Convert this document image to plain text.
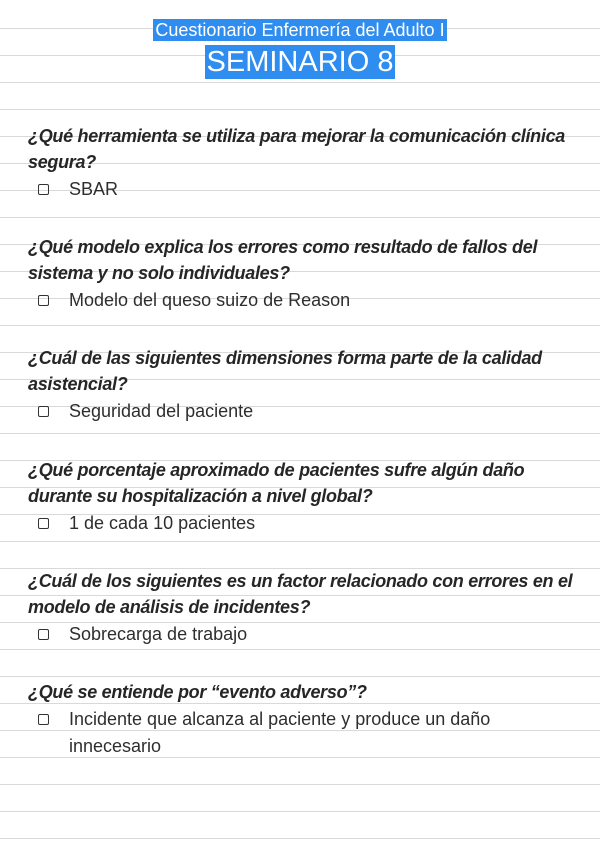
Cuestionario Enfermería del Adulto I
SEMINARIO 8
¿Qué herramienta se utiliza para mejorar la comunicación clínica segura?
SBAR
¿Qué modelo explica los errores como resultado de fallos del sistema y no solo individuales?
Modelo del queso suizo de Reason
¿Cuál de las siguientes dimensiones forma parte de la calidad asistencial?
Seguridad del paciente
¿Qué porcentaje aproximado de pacientes sufre algún daño durante su hospitalización a nivel global?
1 de cada 10 pacientes
¿Cuál de los siguientes es un factor relacionado con errores en el modelo de análisis de incidentes?
Sobrecarga de trabajo
¿Qué se entiende por “evento adverso”?
Incidente que alcanza al paciente y produce un daño innecesario
